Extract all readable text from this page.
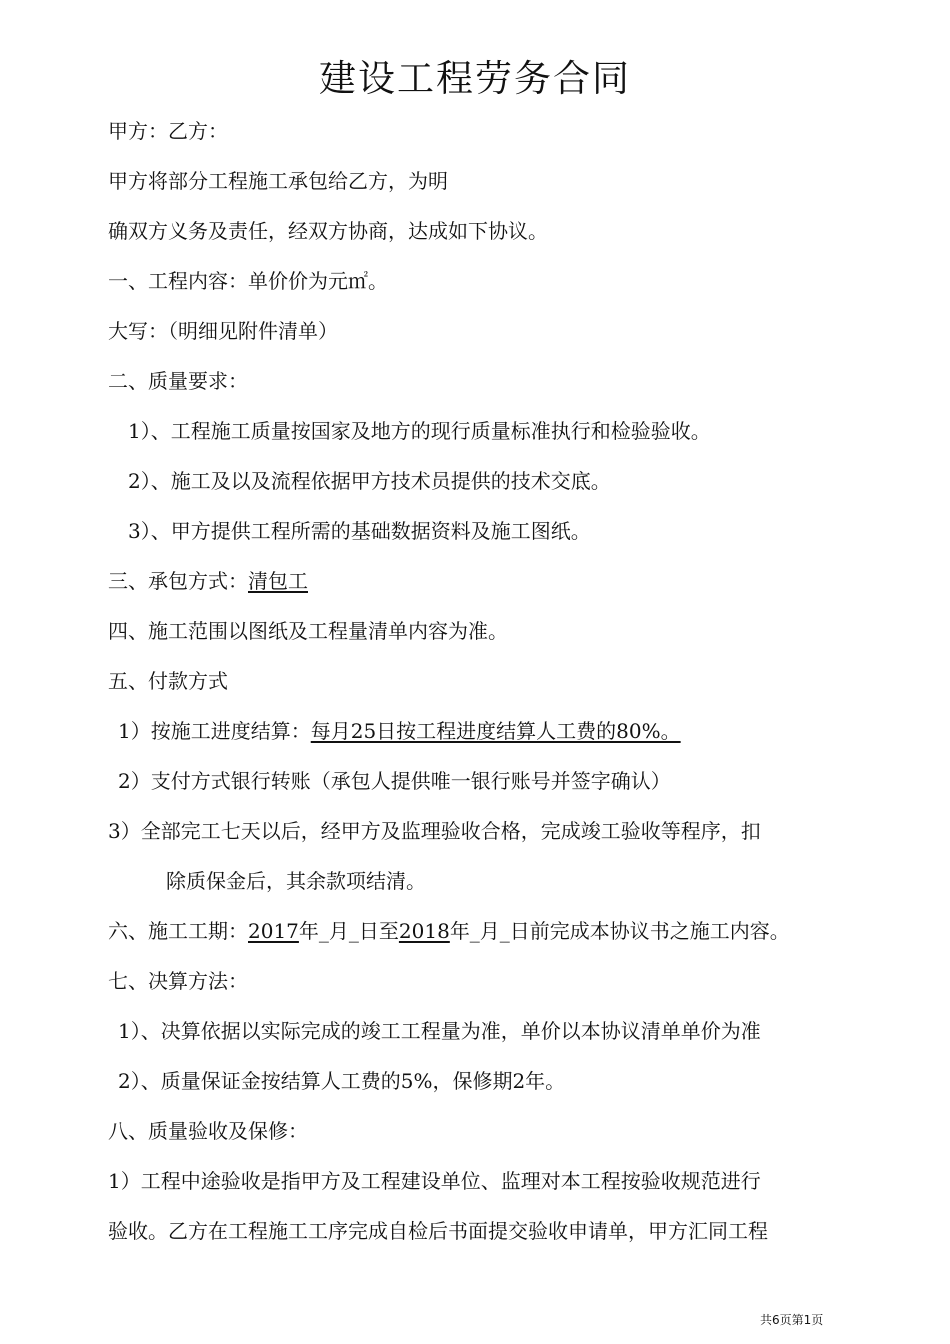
建设工程劳务合同
甲方：乙方：
甲方将部分工程施工承包给乙方，为明
确双方义务及责任，经双方协商，达成如下协议。
一、工程内容：单价价为元㎡。
大写：（明细见附件清单）
二、质量要求：
1）、工程施工质量按国家及地方的现行质量标准执行和检验验收。
2）、施工及以及流程依据甲方技术员提供的技术交底。
3）、甲方提供工程所需的基础数据资料及施工图纸。
三、承包方式：清包工
四、施工范围以图纸及工程量清单内容为准。
五、付款方式
1）按施工进度结算：每月25日按工程进度结算人工费的80%。
2）支付方式银行转账（承包人提供唯一银行账号并签字确认）
3）全部完工七天以后，经甲方及监理验收合格，完成竣工验收等程序，扣
除质保金后，其余款项结清。
六、施工工期：2017年_月_日至2018年_月_日前完成本协议书之施工内容。
七、决算方法：
1）、决算依据以实际完成的竣工工程量为准，单价以本协议清单单价为准
2）、质量保证金按结算人工费的5%，保修期2年。
八、质量验收及保修：
1）工程中途验收是指甲方及工程建设单位、监理对本工程按验收规范进行
验收。乙方在工程施工工序完成自检后书面提交验收申请单，甲方汇同工程
共6页第1页
